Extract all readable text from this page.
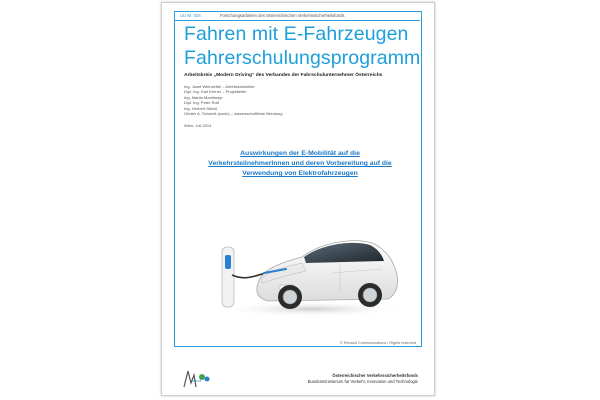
UU Nr. 026	Forschungsarbeiten des österreichischen Verkehrssicherheitsfonds
Fahren mit E-Fahrzeugen
Fahrerschulungsprogramm
Arbeitskreis „Modern Driving“ des Verbandes der Fahrschulunternehmer Österreichs
Ing. Josef Weinzettel – Arbeitskreisleiter
Dipl. Ing. Karl Kerner – Projektleiter
Ing. Martin Mantlmayr
Dipl. Ing. Peter Rutt
Ing. Herbert Stöckl
Günter A. Schmidt (sonic) – wissenschaftliche Beratung
Wien, Juli 2014
Auswirkungen der E-Mobilität auf die
VerkehrsteilnehmerInnen und deren Vorbereitung auf die
Verwendung von Elektrofahrzeugen
© Renault Communications / Rights reserved
bmvit
Österreichischer Verkehrssicherheitsfonds
Bundesministerium für Verkehr, Innovation und Technologie
